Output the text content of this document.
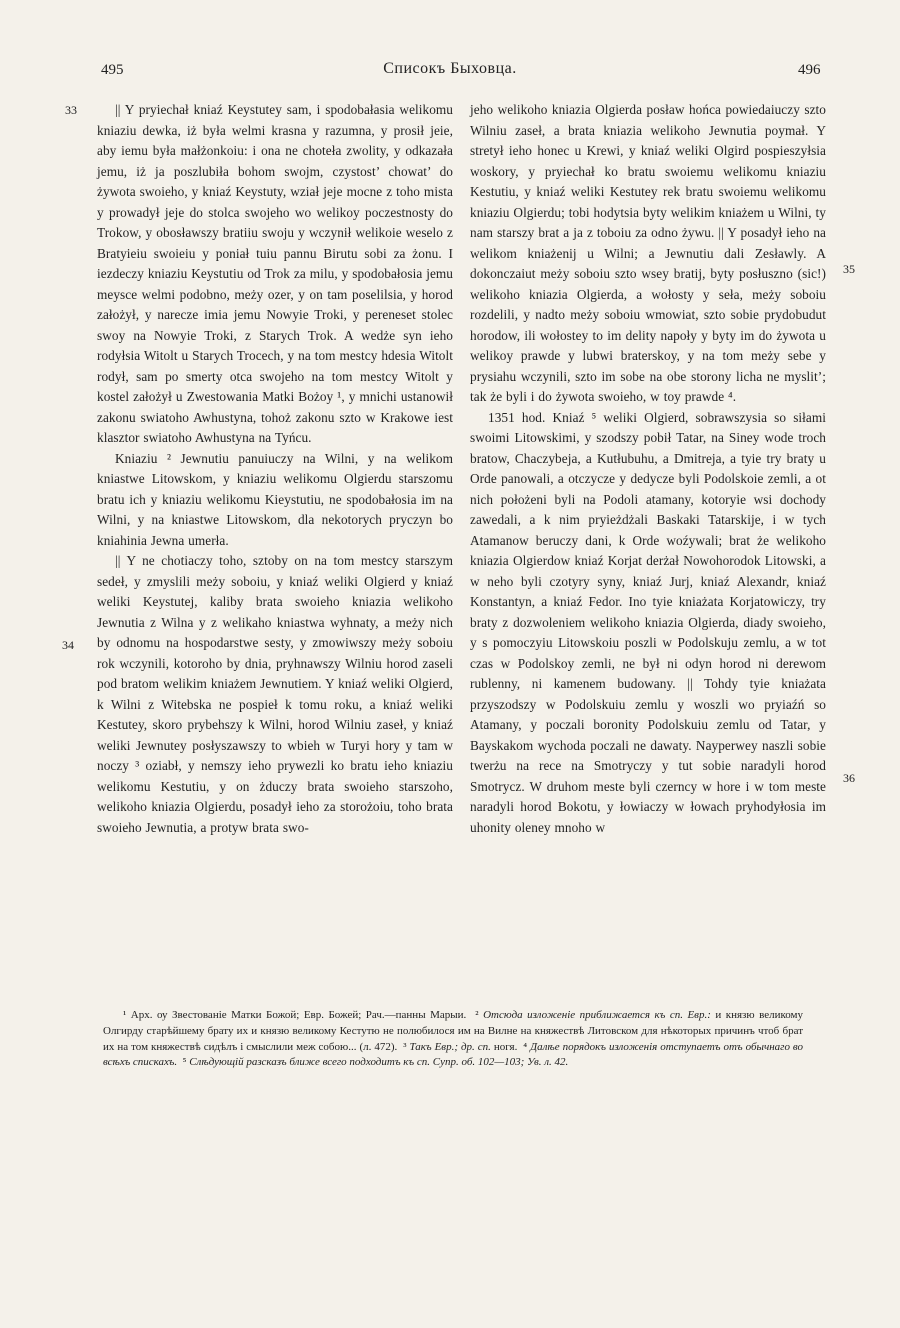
495	Списокъ Быховца.	496
33
34
35
36

|| Y pryiechał kniaź Keystutey sam, i spodobałasia welikomu kniaziu dewka, iż była welmi krasna y razumna, y prosił jeie, aby iemu była małżonkoiu: i ona ne choteła zwolity, y odkazała jemu, iż ja poszlubiła bohom swojm, czystost’ chowat’ do żywota swoieho, y kniaź Keystuty, wział jeje mocne z toho mista y prowadył jeje do stolca swojeho wo welikoy poczestnosty do Trokow, y obosławszy bratiiu swoju y wczynił welikoie weselo z Bratyieiu swoieiu y poniał tuiu pannu Birutu sobi za żonu. I iezdeczy kniaziu Keystutiu od Trok za milu, y spodobałosia jemu meysce welmi podobno, meży ozer, y on tam poselilsia, y horod założył, y narecze imia jemu Nowyie Troki, y pereneset stolec swoy na Nowyie Troki, z Starych Trok. A wedże syn ieho rodyłsia Witolt u Starych Trocech, y na tom mestcy hdesia Witolt rodył, sam po smerty otca swojeho na tom mestcy Witolt y kostel założył u Zwestowania Matki Bożoy ¹, y mnichi ustanowił zakonu swiatoho Awhustyna, tohoż zakonu szto w Krakowe iest klasztor swiatoho Awhustyna na Tyńcu.

Kniaziu ² Jewnutiu panuiuczy na Wilni, y na welikom kniastwe Litowskom, y kniaziu welikomu Olgierdu starszomu bratu ich y kniaziu welikomu Kieystutiu, ne spodobałosia im na Wilni, y na kniastwe Litowskom, dla nekotorych pryczyn bo kniahinia Jewna umerła.

|| Y ne chotiaczy toho, sztoby on na tom mestcy starszym sedeł, y zmyslili meży soboiu, y kniaź weliki Olgierd y kniaź weliki Keystutej, kaliby brata swoieho kniazia welikoho Jewnutia z Wilna y z welikaho kniastwa wyhnaty, a meży nich by odnomu na hospodarstwe sesty, y zmowiwszy meży soboiu rok wczynili, kotoroho by dnia, pryhnawszy Wilniu horod zaseli pod bratom welikim kniażem Jewnutiem. Y kniaź weliki Olgierd, k Wilni z Witebska ne pospieł k tomu roku, a kniaź weliki Kestutey, skoro prybehszy k Wilni, horod Wilniu zaseł, y kniaź weliki Jewnutey posłyszawszy to wbieh w Turyi hory y tam w noczy ³ oziabł, y nemszy ieho prywezli ko bratu ieho kniaziu welikomu Kestutiu, y on żduczy brata swoieho starszoho, welikoho kniazia Olgierdu, posadył ieho za storożoiu, toho brata swoieho Jewnutia, a protyw brata swo-

jeho welikoho kniazia Olgierda posław hońca powiedaiuczy szto Wilniu zaseł, a brata kniazia welikoho Jewnutia poymał. Y stretył ieho honec u Krewi, y kniaź weliki Olgird pospieszyłsia woskory, y pryiechał ko bratu swoiemu welikomu kniaziu Kestutiu, y kniaź weliki Kestutey rek bratu swoiemu welikomu kniaziu Olgierdu; tobi hodytsia byty welikim kniażem u Wilni, ty nam starszy brat a ja z toboiu za odno żywu. || Y posadył ieho na welikom kniażenij u Wilni; a Jewnutiu dali Zesławly. A dokonczaiut meży soboiu szto wsey bratij, byty posłuszno (sic!) welikoho kniazia Olgierda, a wołosty y seła, meży soboiu rozdelili, y nadto meży soboiu wmowiat, szto sobie prydobudut horodow, ili wołostey to im delity napoły y byty im do żywota u welikoy prawde y lubwi braterskoy, y na tom meży sebe y prysiahu wczynili, szto im sobe na obe storony licha ne myslit’; tak że byli i do żywota swoieho, w toy prawde ⁴.

1351 hod. Kniaź ⁵ weliki Olgierd, sobrawszysia so siłami swoimi Litowskimi, y szodszy pobił Tatar, na Siney wode troch bratow, Chaczybeja, a Kutłubuhu, a Dmitreja, a tyie try braty u Orde panowali, a otczycze y dedycze byli Podolskoie zemli, a ot nich położeni byli na Podoli atamany, kotoryie wsi dochody zawedali, a k nim pryieżdżali Baskaki Tatarskije, i w tych Atamanow beruczy dani, k Orde woźywali; brat że welikoho kniazia Olgierdow kniaź Korjat derżał Nowohorodok Litowski, a w neho byli czotyry syny, kniaź Jurj, kniaź Alexandr, kniaź Konstantyn, a kniaź Fedor. Ino tyie kniażata Korjatowiczy, try braty z dozwoleniem welikoho kniazia Olgierda, diady swoieho, y s pomoczyiu Litowskoiu poszli w Podolskuju zemlu, a w tot czas w Podolskoy zemli, ne był ni odyn horod ni derewom rublenny, ni kamenem budowany. || Tohdy tyie kniażata przyszodszy w Podolskuiu zemlu y woszli wo pryiaźń so Atamany, y poczali boronity Podolskuiu zemlu od Tatar, y Bayskakom wychoda poczali ne dawaty. Nayperwey naszli sobie twerżu na rece na Smotryczy y tut sobie naradyli horod Smotrycz. W druhom meste byli czerncy w hore i w tom meste naradyli horod Bokotu, y łowiaczy w łowach pryhodyłosia im uhonity oleney mnoho w

¹ Арх. оу Звестованіе Матки Божой; Евр. Божей; Рач.—панны Марыи. ² Отсюда изложеніе приближается къ сп. Евр.: и князю великому Олгирду старѣйшему брату их и князю великому Кестутю не полюбилося им на Вилне на княжествѣ Литовском для нѣкоторых причинъ чтоб брат их на том княжествѣ сидѣлъ і смыслили меж собою... (л. 472). ³ Такъ Евр.; др. сп. ногя. ⁴ Далѣе порядокъ изложенія отступаетъ отъ обычнаго во всѣхъ спискахъ. ⁵ Слѣдующій разсказъ ближе всего подходитъ къ сп. Супр. об. 102—103; Ув. л. 42.
